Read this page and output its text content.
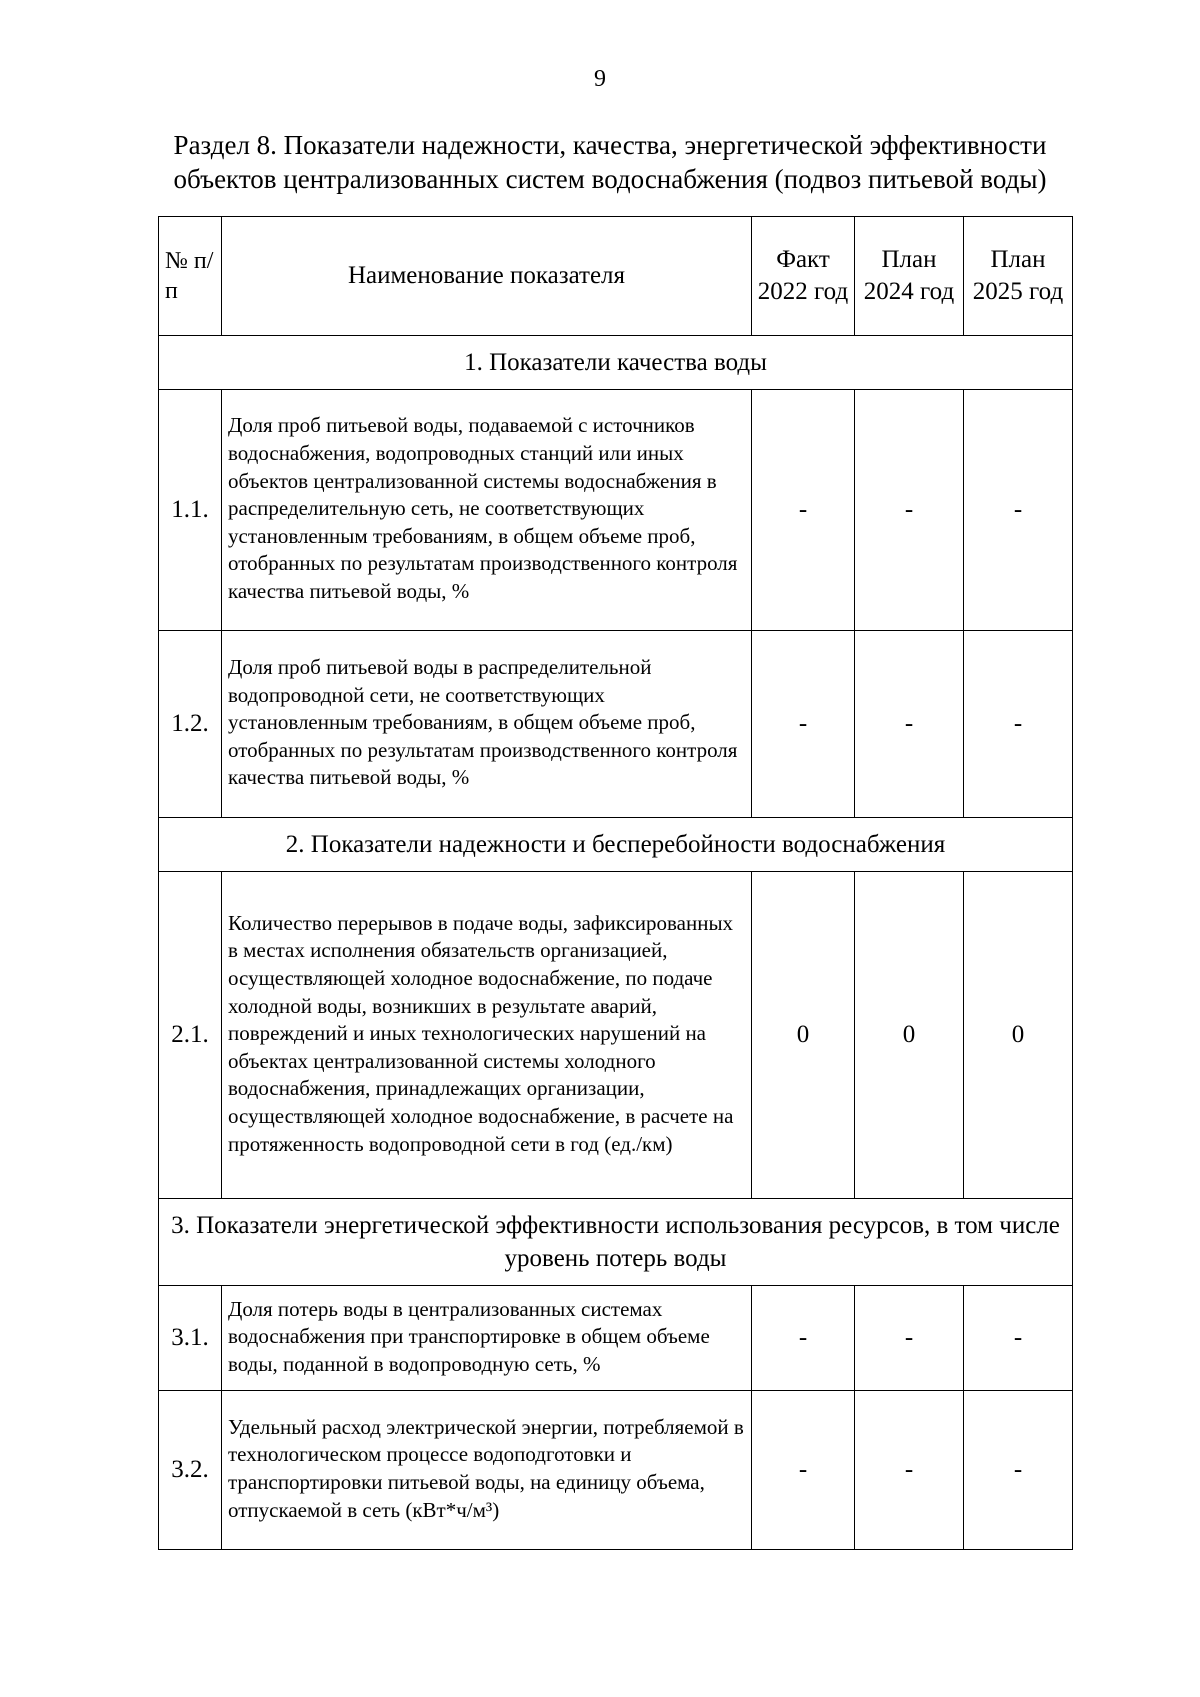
9
Раздел 8. Показатели надежности, качества, энергетической эффективности объектов централизованных систем водоснабжения (подвоз питьевой воды)
№ п/п	Наименование показателя	Факт 2022 год	План 2024 год	План 2025 год
1. Показатели качества воды				
1.1.	Доля проб питьевой воды, подаваемой с источников водоснабжения, водопроводных станций или иных объектов централизованной системы водоснабжения в распределительную сеть, не соответствующих установленным требованиям, в общем объеме проб, отобранных по результатам производственного контроля качества питьевой воды, %	-	-	-
1.2.	Доля проб питьевой воды в распределительной водопроводной сети, не соответствующих установленным требованиям, в общем объеме проб, отобранных по результатам производственного контроля качества питьевой воды, %	-	-	-
2. Показатели надежности и бесперебойности водоснабжения				
2.1.	Количество перерывов в подаче воды, зафиксированных в местах исполнения обязательств организацией, осуществляющей холодное водоснабжение, по подаче холодной воды, возникших в результате аварий, повреждений и иных технологических нарушений на объектах централизованной системы холодного водоснабжения, принадлежащих организации, осуществляющей холодное водоснабжение, в расчете на протяженность водопроводной сети в год (ед./км)	0	0	0
3. Показатели энергетической эффективности использования ресурсов, в том числе уровень потерь воды				
3.1.	Доля потерь воды в централизованных системах водоснабжения при транспортировке в общем объеме воды, поданной в водопроводную сеть, %	-	-	-
3.2.	Удельный расход электрической энергии, потребляемой в технологическом процессе водоподготовки и транспортировки питьевой воды, на единицу объема, отпускаемой в сеть (кВт*ч/м³)	-	-	-
